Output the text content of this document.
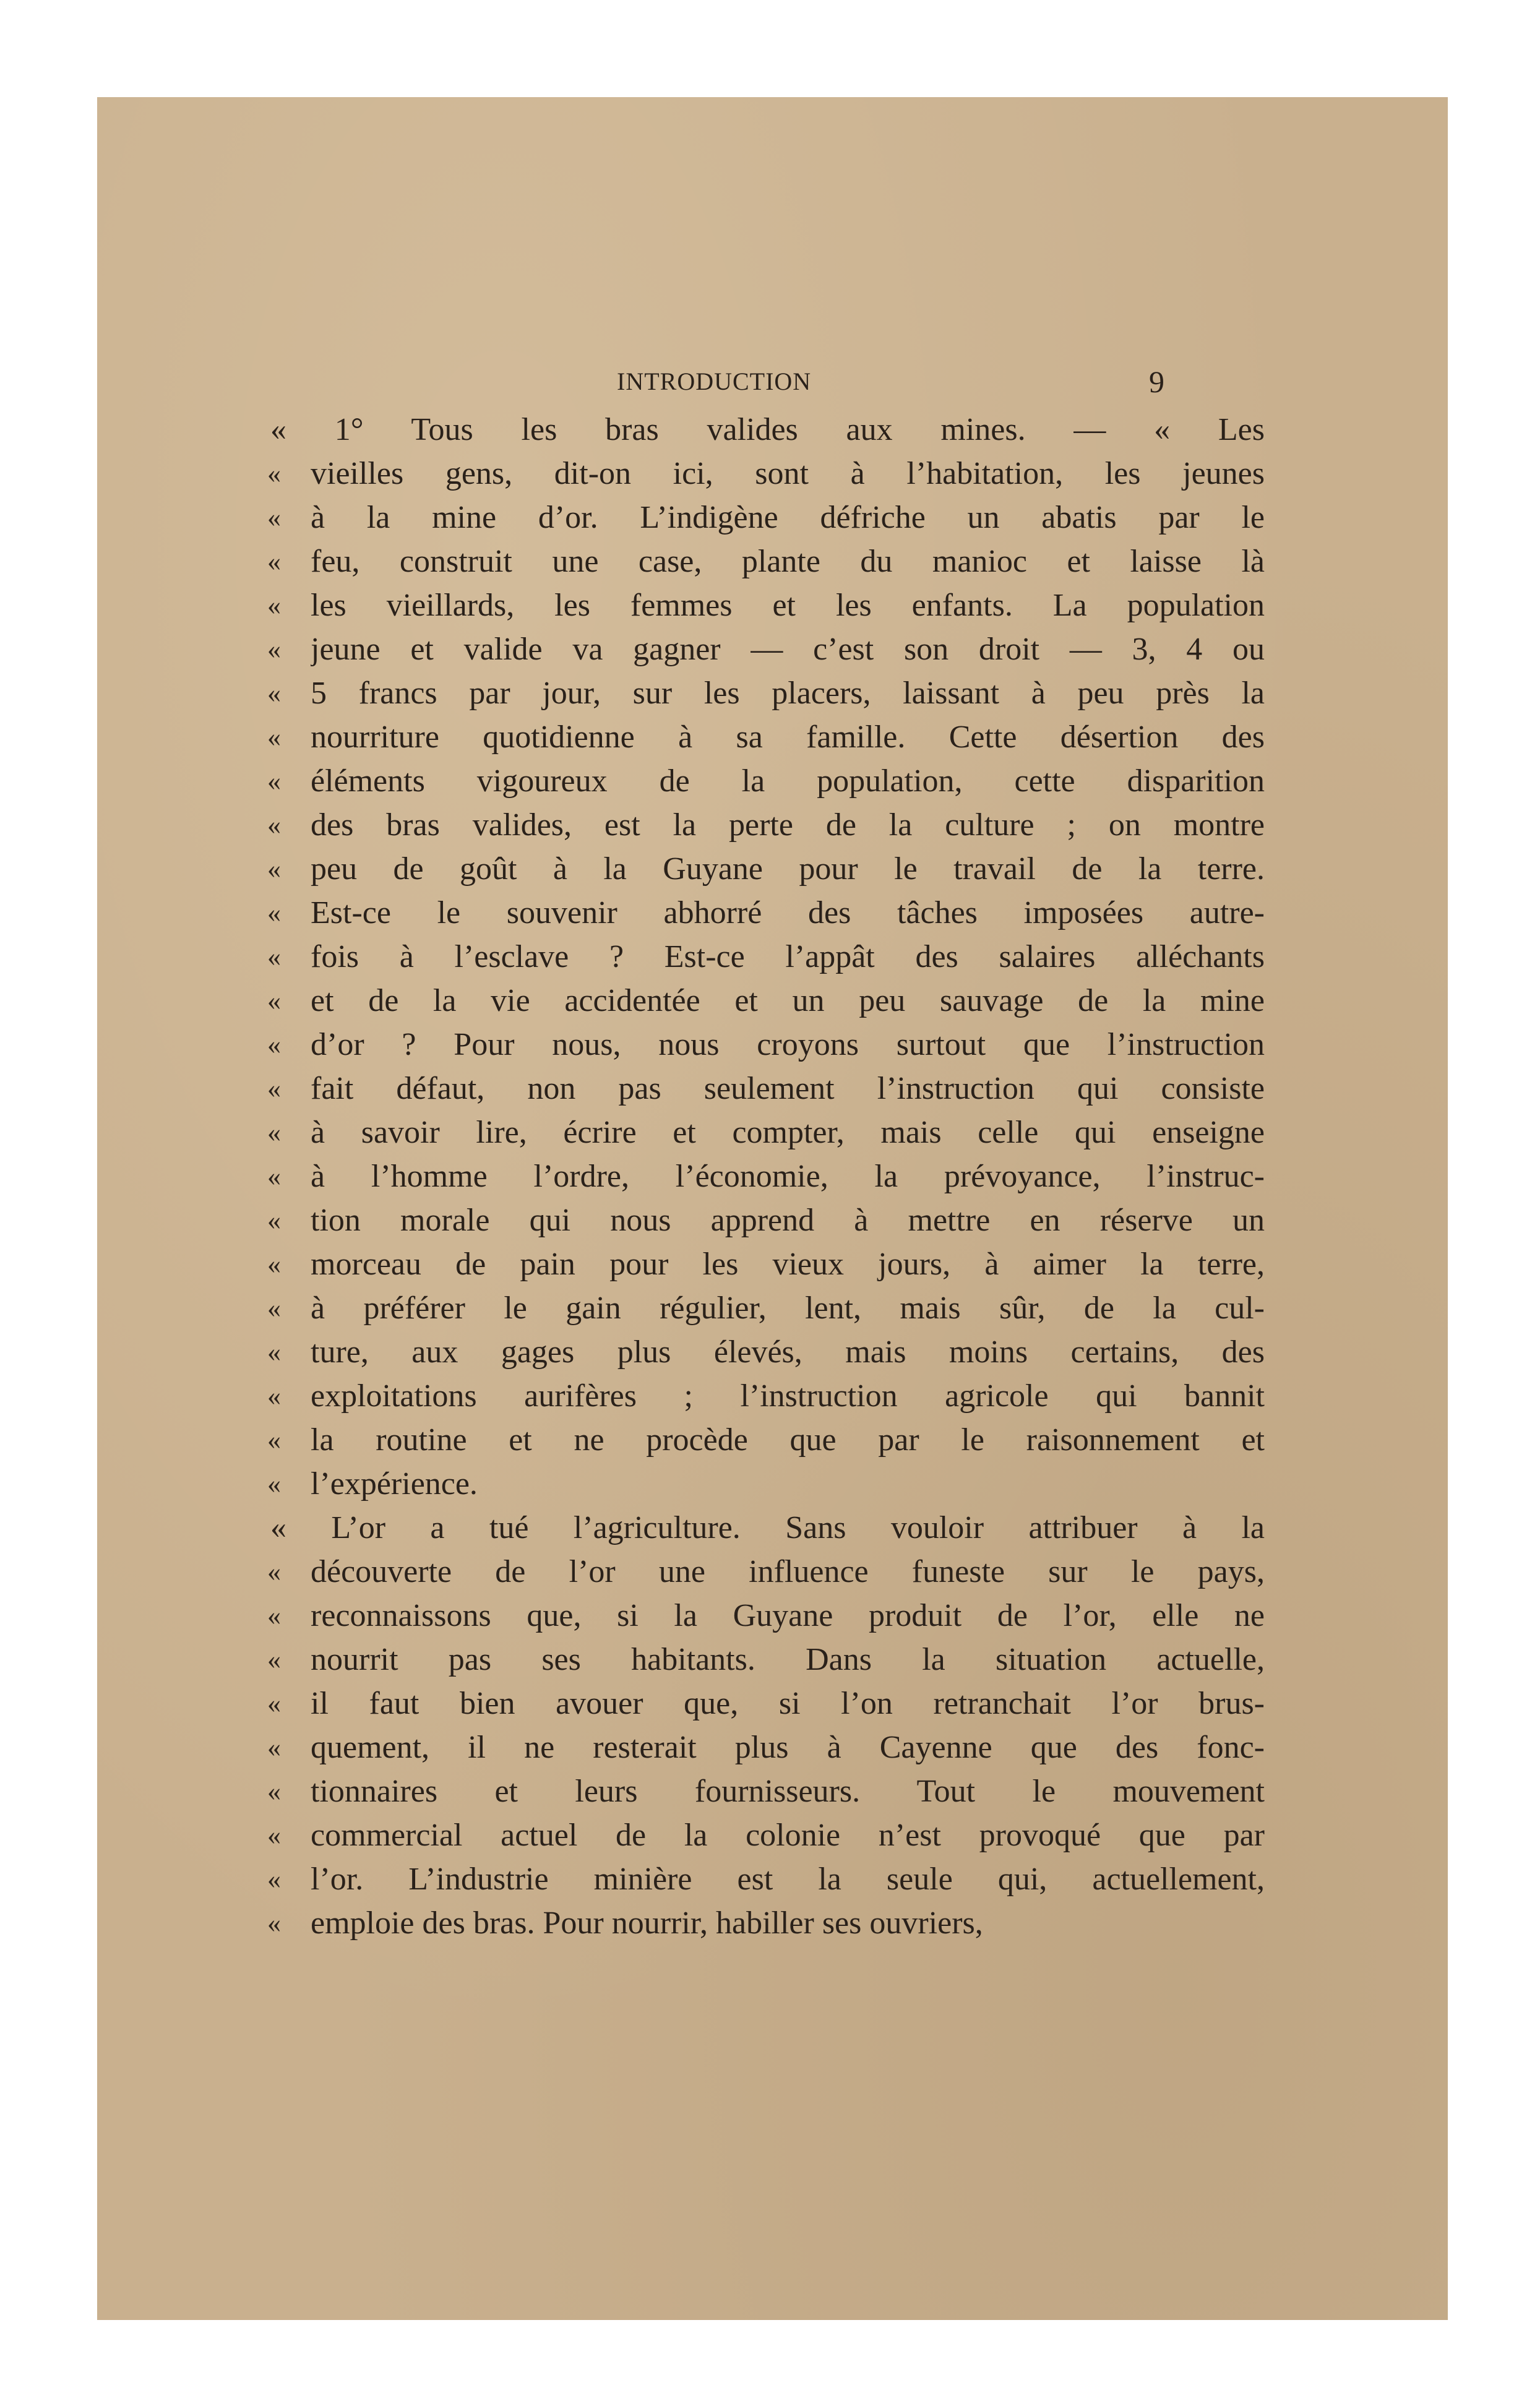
INTRODUCTION	9
« 1° Tous les bras valides aux mines. — « Les
« vieilles gens, dit-on ici, sont à l’habitation, les jeunes
« à la mine d’or. L’indigène défriche un abatis par le
« feu, construit une case, plante du manioc et laisse là
« les vieillards, les femmes et les enfants. La population
« jeune et valide va gagner — c’est son droit — 3, 4 ou
« 5 francs par jour, sur les placers, laissant à peu près la
« nourriture quotidienne à sa famille. Cette désertion des
« éléments vigoureux de la population, cette disparition
« des bras valides, est la perte de la culture ; on montre
« peu de goût à la Guyane pour le travail de la terre.
« Est-ce le souvenir abhorré des tâches imposées autre-
« fois à l’esclave ? Est-ce l’appât des salaires alléchants
« et de la vie accidentée et un peu sauvage de la mine
« d’or ? Pour nous, nous croyons surtout que l’instruction
« fait défaut, non pas seulement l’instruction qui consiste
« à savoir lire, écrire et compter, mais celle qui enseigne
« à l’homme l’ordre, l’économie, la prévoyance, l’instruc-
« tion morale qui nous apprend à mettre en réserve un
« morceau de pain pour les vieux jours, à aimer la terre,
« à préférer le gain régulier, lent, mais sûr, de la cul-
« ture, aux gages plus élevés, mais moins certains, des
« exploitations aurifères ; l’instruction agricole qui bannit
« la routine et ne procède que par le raisonnement et
« l’expérience.
« L’or a tué l’agriculture. Sans vouloir attribuer à la
« découverte de l’or une influence funeste sur le pays,
« reconnaissons que, si la Guyane produit de l’or, elle ne
« nourrit pas ses habitants. Dans la situation actuelle,
« il faut bien avouer que, si l’on retranchait l’or brus-
« quement, il ne resterait plus à Cayenne que des fonc-
« tionnaires et leurs fournisseurs. Tout le mouvement
« commercial actuel de la colonie n’est provoqué que par
« l’or. L’industrie minière est la seule qui, actuellement,
« emploie des bras. Pour nourrir, habiller ses ouvriers,
